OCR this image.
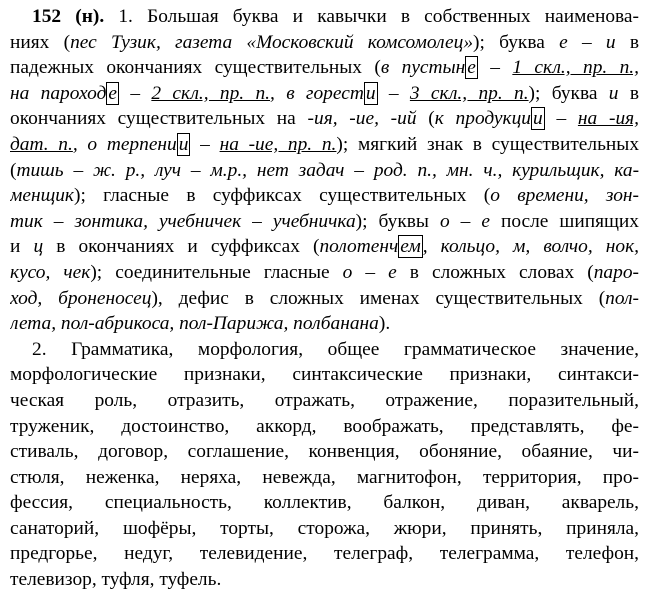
152 (н). 1. Большая буква и кавычки в собственных наименова-
ниях (пес Тузик, газета «Московский комсомолец»); буква е – и в
падежных окончаниях существительных (в пустын е – 1 скл., пр. п.,
на пароход е – 2 скл., пр. п., в горест и – 3 скл., пр. п.); буква и в
окончаниях существительных на -ия, -ие, -ий (к продукци и – на -ия,
дат. п., о терпени и – на -ие, пр. п.); мягкий знак в существительных
(тишь – ж. р., луч – м.р., нет задач – род. п., мн. ч., курильщик, ка-
менщик); гласные в суффиксах существительных (о времени, зон-
тик – зонтика, учебничек – учебничка); буквы о – е после шипящих
и ц в окончаниях и суффиксах (полотенч ем , кольцо, м, волчо, нок,
кусо, чек); соединительные гласные о – е в сложных словах (паро-
ход, броненосец), дефис в сложных именах существительных (пол-
лета, пол-абрикоса, пол-Парижа, полбанана).
2. Грамматика, морфология, общее грамматическое значение,
морфологические признаки, синтаксические признаки, синтакси-
ческая роль, отразить, отражать, отражение, поразительный,
труженик, достоинство, аккорд, воображать, представлять, фе-
стиваль, договор, соглашение, конвенция, обоняние, обаяние, чи-
стюля, неженка, неряха, невежда, магнитофон, территория, про-
фессия, специальность, коллектив, балкон, диван, акварель,
санаторий, шофёры, торты, сторожа, жюри, принять, приняла,
предгорье, недуг, телевидение, телеграф, телеграмма, телефон,
телевизор, туфля, туфель.
